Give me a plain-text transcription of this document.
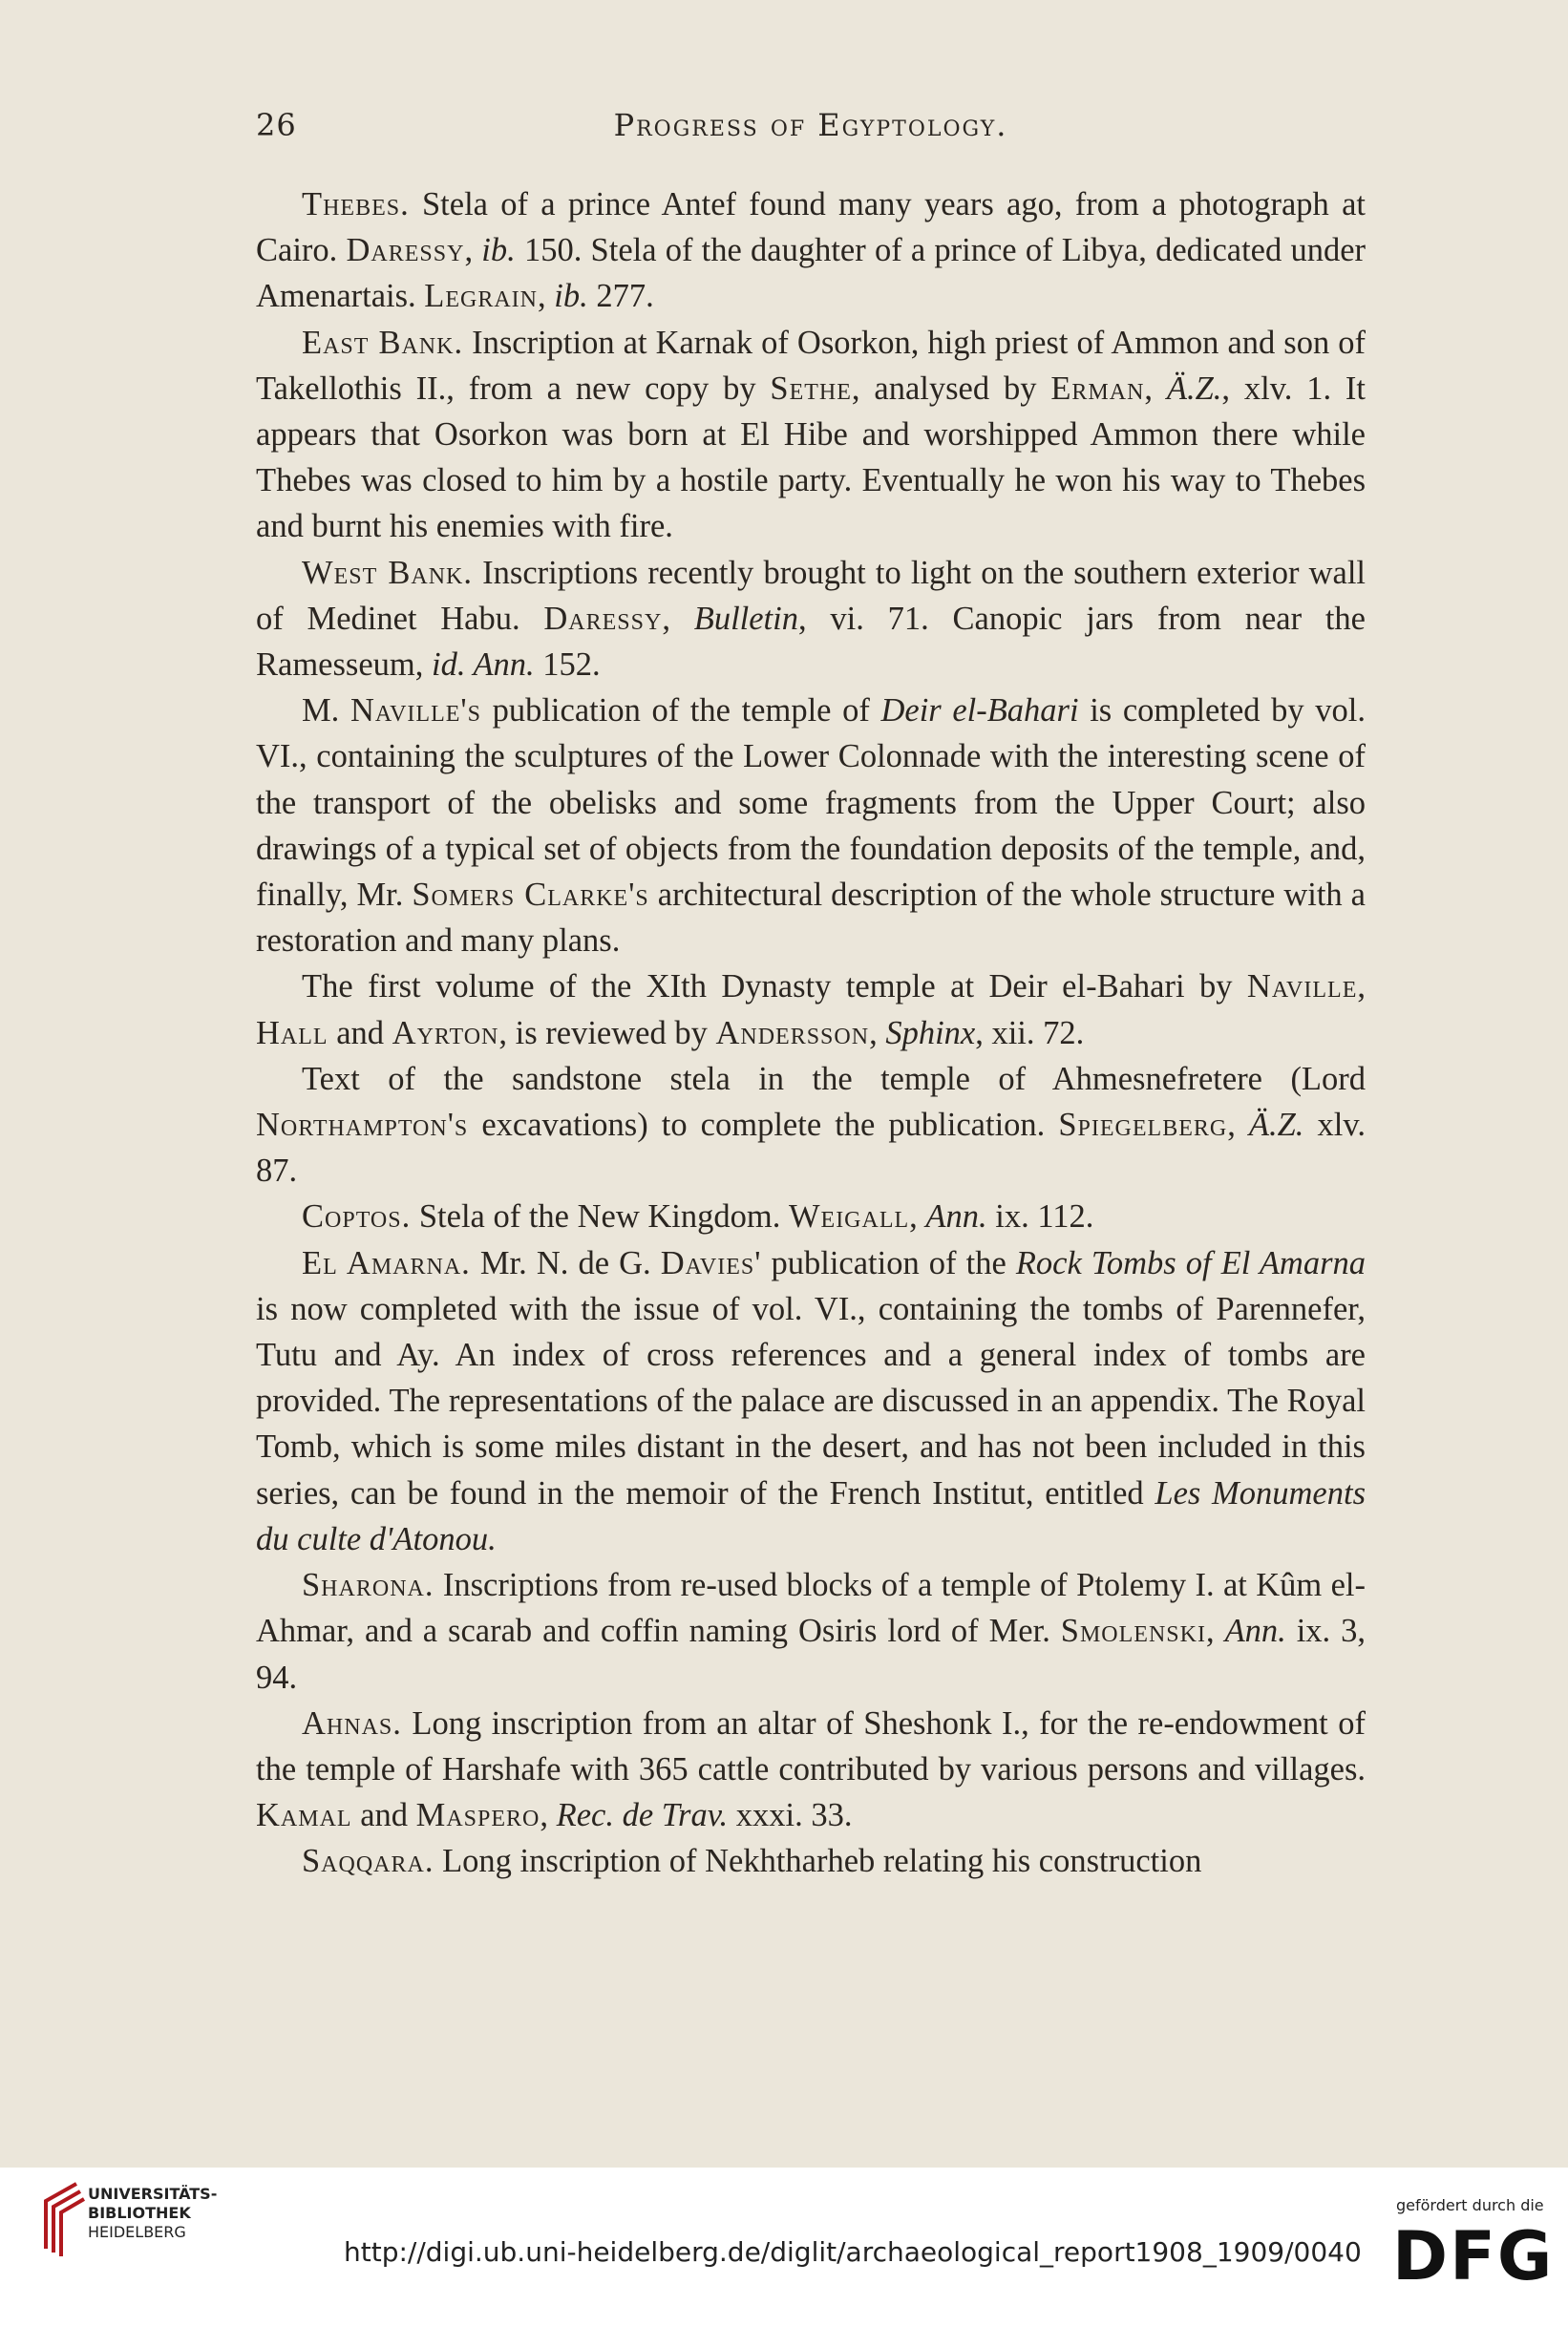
26	Progress of Egyptology.

Thebes. Stela of a prince Antef found many years ago, from a photograph at Cairo. Daressy, ib. 150. Stela of the daughter of a prince of Libya, dedicated under Amenartais. Legrain, ib. 277.

East Bank. Inscription at Karnak of Osorkon, high priest of Ammon and son of Takellothis II., from a new copy by Sethe, analysed by Erman, Ä.Z., xlv. 1. It appears that Osorkon was born at El Hibe and worshipped Ammon there while Thebes was closed to him by a hostile party. Eventually he won his way to Thebes and burnt his enemies with fire.

West Bank. Inscriptions recently brought to light on the southern exterior wall of Medinet Habu. Daressy, Bulletin, vi. 71. Canopic jars from near the Ramesseum, id. Ann. 152.

M. Naville's publication of the temple of Deir el-Bahari is completed by vol. VI., containing the sculptures of the Lower Colonnade with the interesting scene of the transport of the obelisks and some fragments from the Upper Court; also drawings of a typical set of objects from the foundation deposits of the temple, and, finally, Mr. Somers Clarke's architectural description of the whole structure with a restoration and many plans.

The first volume of the XIth Dynasty temple at Deir el-Bahari by Naville, Hall and Ayrton, is reviewed by Andersson, Sphinx, xii. 72.

Text of the sandstone stela in the temple of Ahmesnefretere (Lord Northampton's excavations) to complete the publication. Spiegelberg, Ä.Z. xlv. 87.

Coptos. Stela of the New Kingdom. Weigall, Ann. ix. 112.

El Amarna. Mr. N. de G. Davies' publication of the Rock Tombs of El Amarna is now completed with the issue of vol. VI., containing the tombs of Parennefer, Tutu and Ay. An index of cross references and a general index of tombs are provided. The representations of the palace are discussed in an appendix. The Royal Tomb, which is some miles distant in the desert, and has not been included in this series, can be found in the memoir of the French Institut, entitled Les Monuments du culte d'Atonou.

Sharona. Inscriptions from re-used blocks of a temple of Ptolemy I. at Kûm el-Ahmar, and a scarab and coffin naming Osiris lord of Mer. Smolenski, Ann. ix. 3, 94.

Ahnas. Long inscription from an altar of Sheshonk I., for the re-endowment of the temple of Harshafe with 365 cattle contributed by various persons and villages. Kamal and Maspero, Rec. de Trav. xxxi. 33.

Saqqara. Long inscription of Nekhtharheb relating his construction

UNIVERSITÄTS-
BIBLIOTHEK
HEIDELBERG
http://digi.ub.uni-heidelberg.de/diglit/archaeological_report1908_1909/0040
gefördert durch die
DFG
